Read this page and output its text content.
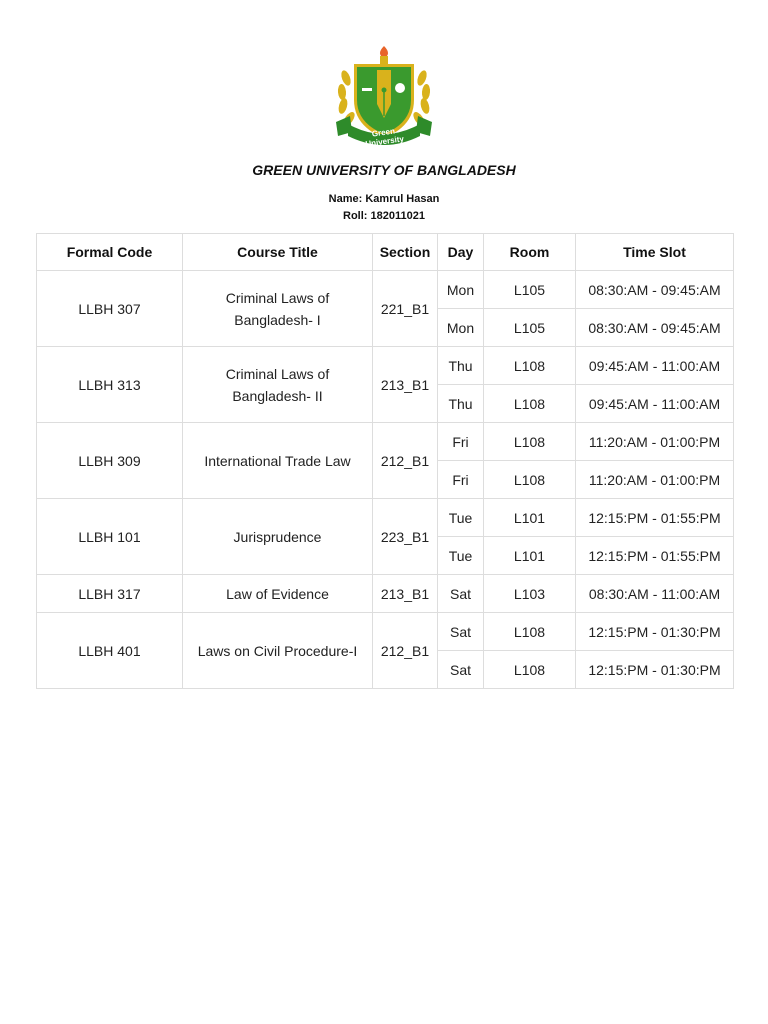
Green University
GREEN UNIVERSITY OF BANGLADESH
Name: Kamrul Hasan
Roll: 182011021
Formal Code	Course Title	Section	Day	Room	Time Slot
LLBH 307	Criminal Laws of Bangladesh- I	221_B1	Mon	L105	08:30:AM - 09:45:AM
			Mon	L105	08:30:AM - 09:45:AM
LLBH 313	Criminal Laws of Bangladesh- II	213_B1	Thu	L108	09:45:AM - 11:00:AM
			Thu	L108	09:45:AM - 11:00:AM
LLBH 309	International Trade Law	212_B1	Fri	L108	11:20:AM - 01:00:PM
			Fri	L108	11:20:AM - 01:00:PM
LLBH 101	Jurisprudence	223_B1	Tue	L101	12:15:PM - 01:55:PM
			Tue	L101	12:15:PM - 01:55:PM
LLBH 317	Law of Evidence	213_B1	Sat	L103	08:30:AM - 11:00:AM
LLBH 401	Laws on Civil Procedure-I	212_B1	Sat	L108	12:15:PM - 01:30:PM
			Sat	L108	12:15:PM - 01:30:PM
